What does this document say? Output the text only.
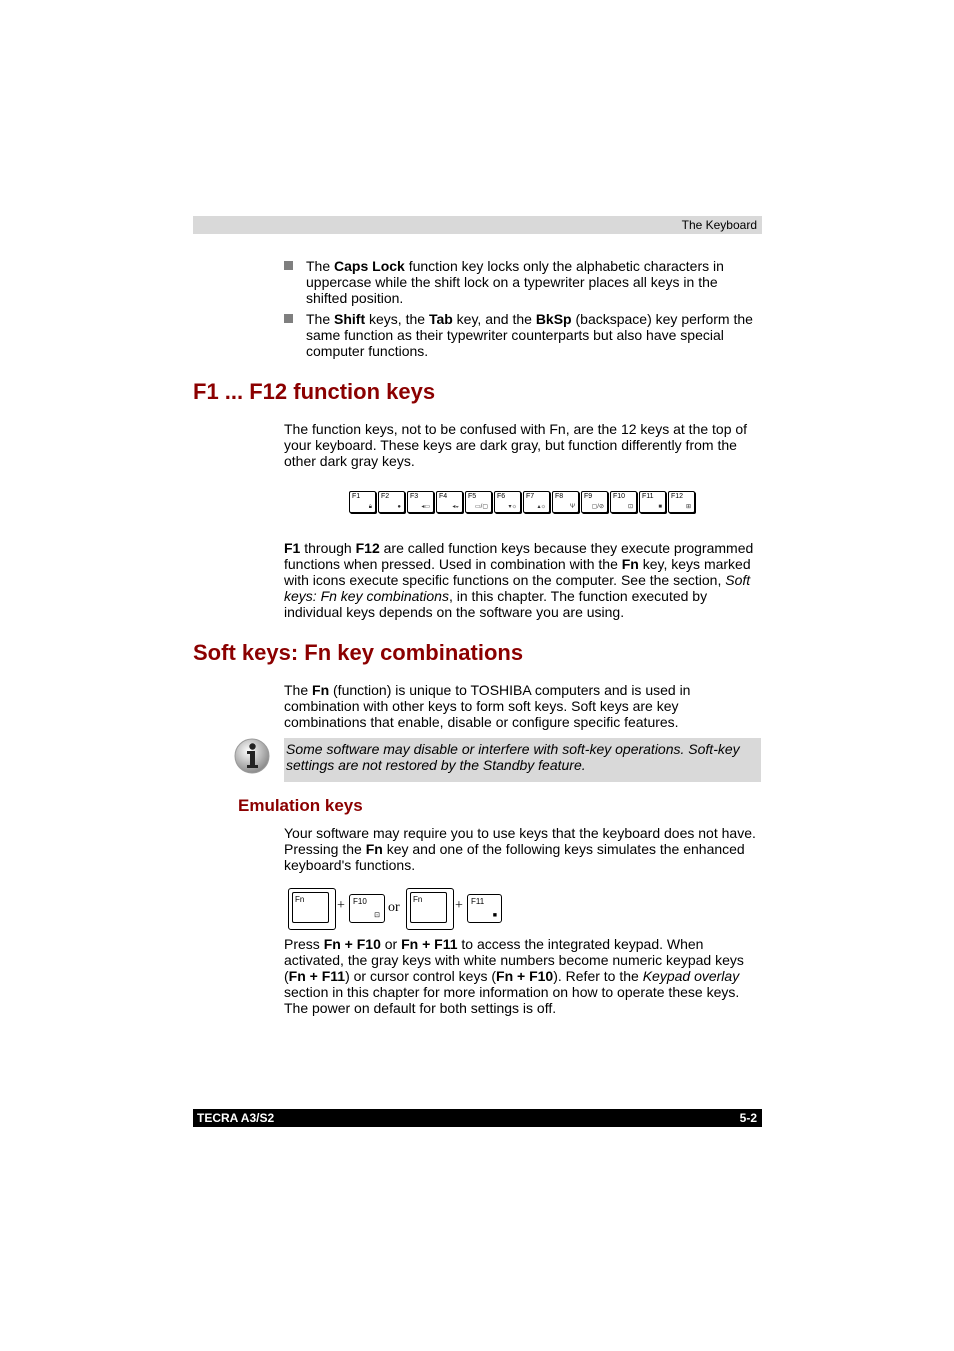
The Keyboard
The Caps Lock function key locks only the alphabetic characters in uppercase while the shift lock on a typewriter places all keys in the shifted position.
The Shift keys, the Tab key, and the BkSp (backspace) key perform the same function as their typewriter counterparts but also have special computer functions.
F1 ... F12 function keys
The function keys, not to be confused with Fn, are the 12 keys at the top of your keyboard. These keys are dark gray, but function differently from the other dark gray keys.
F1
🔒︎
F2
●
F3
◂▭
F4
◂◒
F5
▭/▢
F6
▾☼
F7
▴☼
F8
Ψ
F9
▢/⊘
F10
⊡
F11
■
F12
⊞
F1 through F12 are called function keys because they execute programmed functions when pressed. Used in combination with the Fn key, keys marked with icons execute specific functions on the computer. See the section, Soft keys: Fn key combinations, in this chapter. The function executed by individual keys depends on the software you are using.
Soft keys: Fn key combinations
The Fn (function) is unique to TOSHIBA computers and is used in combination with other keys to form soft keys. Soft keys are key combinations that enable, disable or configure specific features.
Some software may disable or interfere with soft-key operations. Soft-key settings are not restored by the Standby feature.
Emulation keys
Your software may require you to use keys that the keyboard does not have. Pressing the Fn key and one of the following keys simulates the enhanced keyboard's functions.
Fn + F10
⊡
or
Fn + F11
■
Press Fn + F10 or Fn + F11 to access the integrated keypad. When activated, the gray keys with white numbers become numeric keypad keys (Fn + F11) or cursor control keys (Fn + F10). Refer to the Keypad overlay section in this chapter for more information on how to operate these keys. The power on default for both settings is off.
TECRA A3/S2	5-2
